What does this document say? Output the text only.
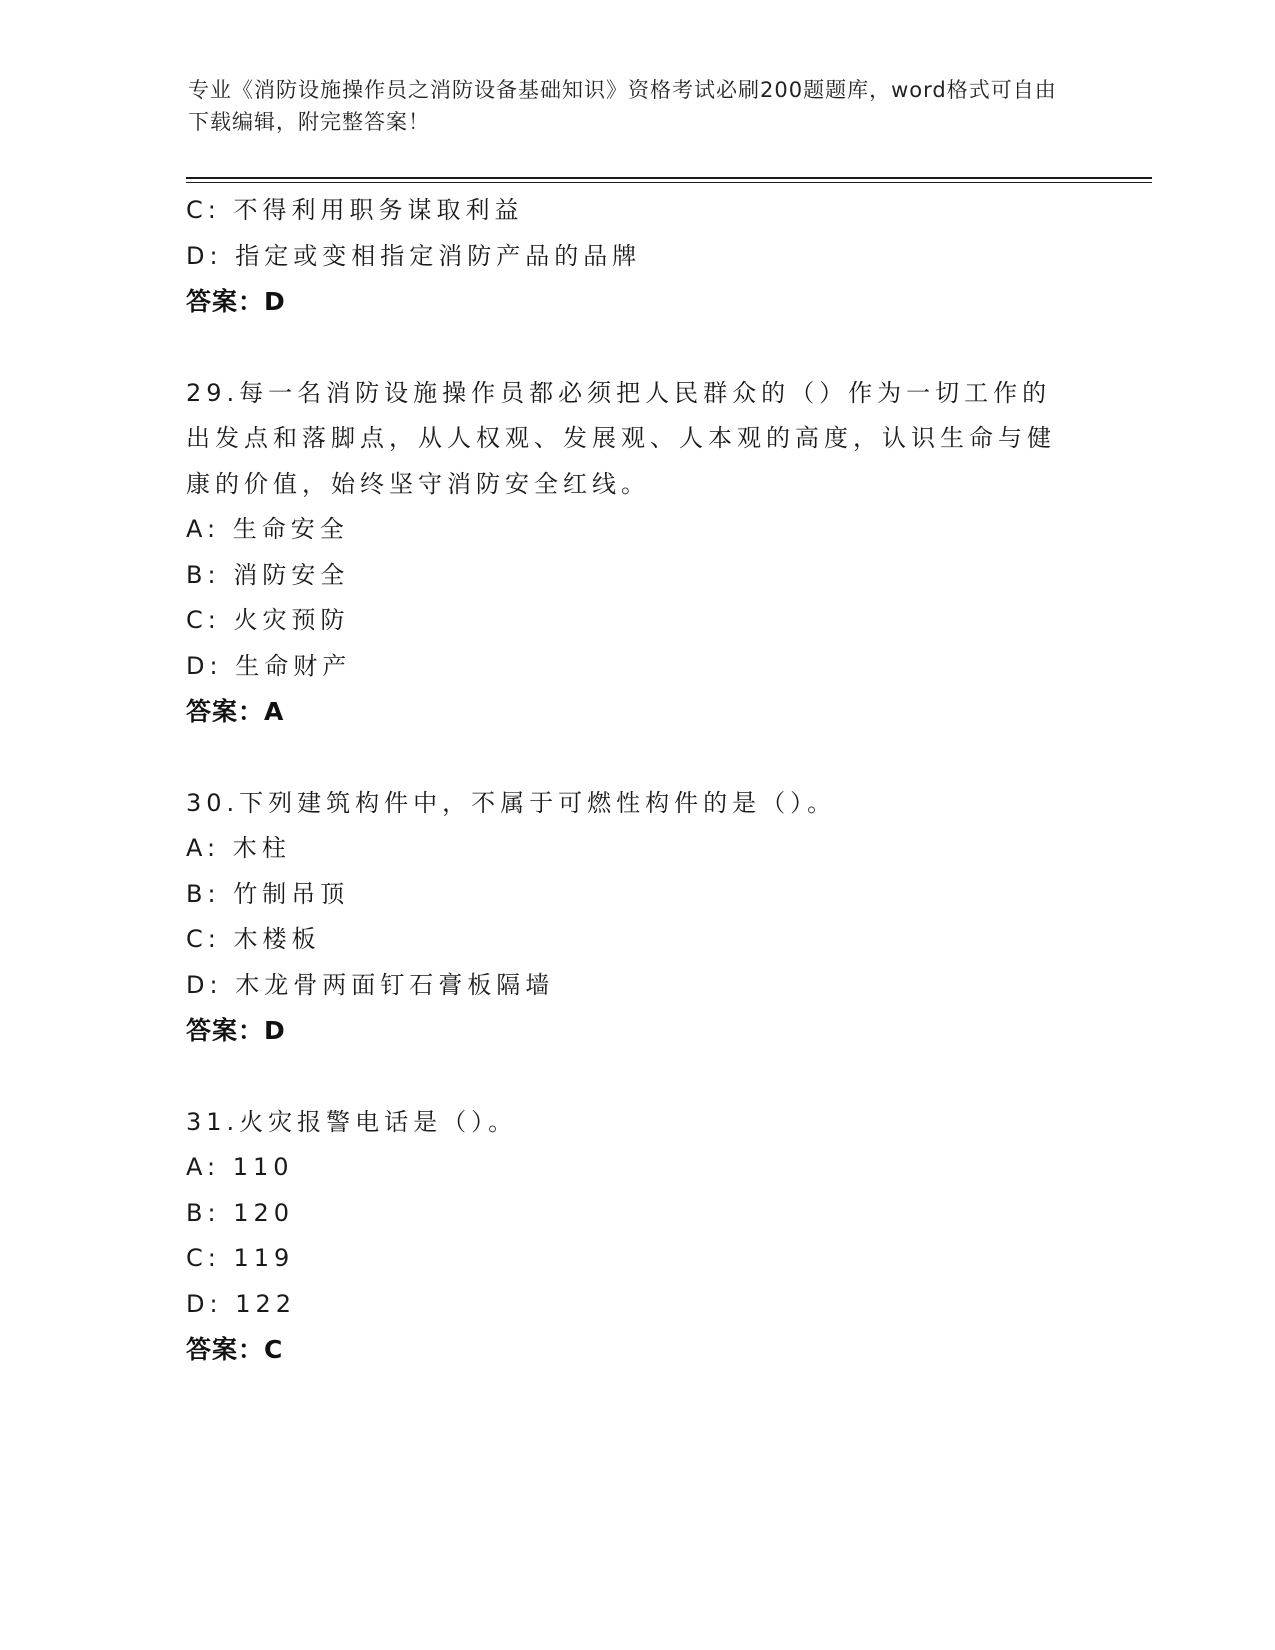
专业《消防设施操作员之消防设备基础知识》资格考试必刷200题题库，word格式可自由下载编辑，附完整答案！
C: 不得利用职务谋取利益
D: 指定或变相指定消防产品的品牌
答案：D
29.每一名消防设施操作员都必须把人民群众的（）作为一切工作的出发点和落脚点，从人权观、发展观、人本观的高度，认识生命与健康的价值，始终坚守消防安全红线。
A: 生命安全
B: 消防安全
C: 火灾预防
D: 生命财产
答案：A
30.下列建筑构件中，不属于可燃性构件的是（）。
A: 木柱
B: 竹制吊顶
C: 木楼板
D: 木龙骨两面钉石膏板隔墙
答案：D
31.火灾报警电话是（）。
A: 110
B: 120
C: 119
D: 122
答案：C
